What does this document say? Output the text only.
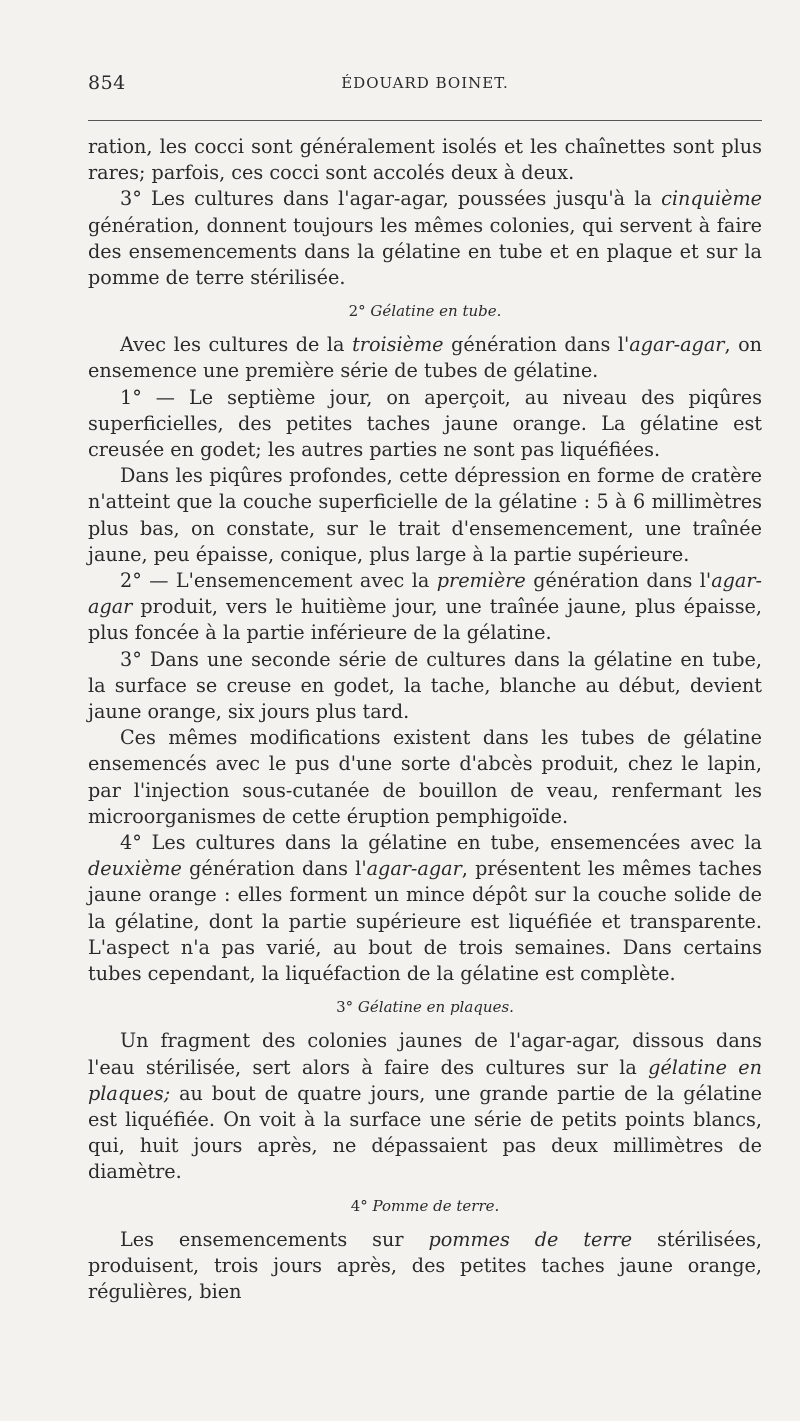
854	ÉDOUARD BOINET.

ration, les cocci sont généralement isolés et les chaînettes sont plus rares; parfois, ces cocci sont accolés deux à deux.

3° Les cultures dans l'agar-agar, poussées jusqu'à la cinquième génération, donnent toujours les mêmes colonies, qui servent à faire des ensemencements dans la gélatine en tube et en plaque et sur la pomme de terre stérilisée.

2° Gélatine en tube.

Avec les cultures de la troisième génération dans l'agar-agar, on ensemence une première série de tubes de gélatine.

1° — Le septième jour, on aperçoit, au niveau des piqûres superficielles, des petites taches jaune orange. La gélatine est creusée en godet; les autres parties ne sont pas liquéfiées.

Dans les piqûres profondes, cette dépression en forme de cratère n'atteint que la couche superficielle de la gélatine : 5 à 6 millimètres plus bas, on constate, sur le trait d'ensemencement, une traînée jaune, peu épaisse, conique, plus large à la partie supérieure.

2° — L'ensemencement avec la première génération dans l'agar-agar produit, vers le huitième jour, une traînée jaune, plus épaisse, plus foncée à la partie inférieure de la gélatine.

3° Dans une seconde série de cultures dans la gélatine en tube, la surface se creuse en godet, la tache, blanche au début, devient jaune orange, six jours plus tard.

Ces mêmes modifications existent dans les tubes de gélatine ensemencés avec le pus d'une sorte d'abcès produit, chez le lapin, par l'injection sous-cutanée de bouillon de veau, renfermant les microorganismes de cette éruption pemphigoïde.

4° Les cultures dans la gélatine en tube, ensemencées avec la deuxième génération dans l'agar-agar, présentent les mêmes taches jaune orange : elles forment un mince dépôt sur la couche solide de la gélatine, dont la partie supérieure est liquéfiée et transparente. L'aspect n'a pas varié, au bout de trois semaines. Dans certains tubes cependant, la liquéfaction de la gélatine est complète.

3° Gélatine en plaques.

Un fragment des colonies jaunes de l'agar-agar, dissous dans l'eau stérilisée, sert alors à faire des cultures sur la gélatine en plaques; au bout de quatre jours, une grande partie de la gélatine est liquéfiée. On voit à la surface une série de petits points blancs, qui, huit jours après, ne dépassaient pas deux millimètres de diamètre.

4° Pomme de terre.

Les ensemencements sur pommes de terre stérilisées, produisent, trois jours après, des petites taches jaune orange, régulières, bien
